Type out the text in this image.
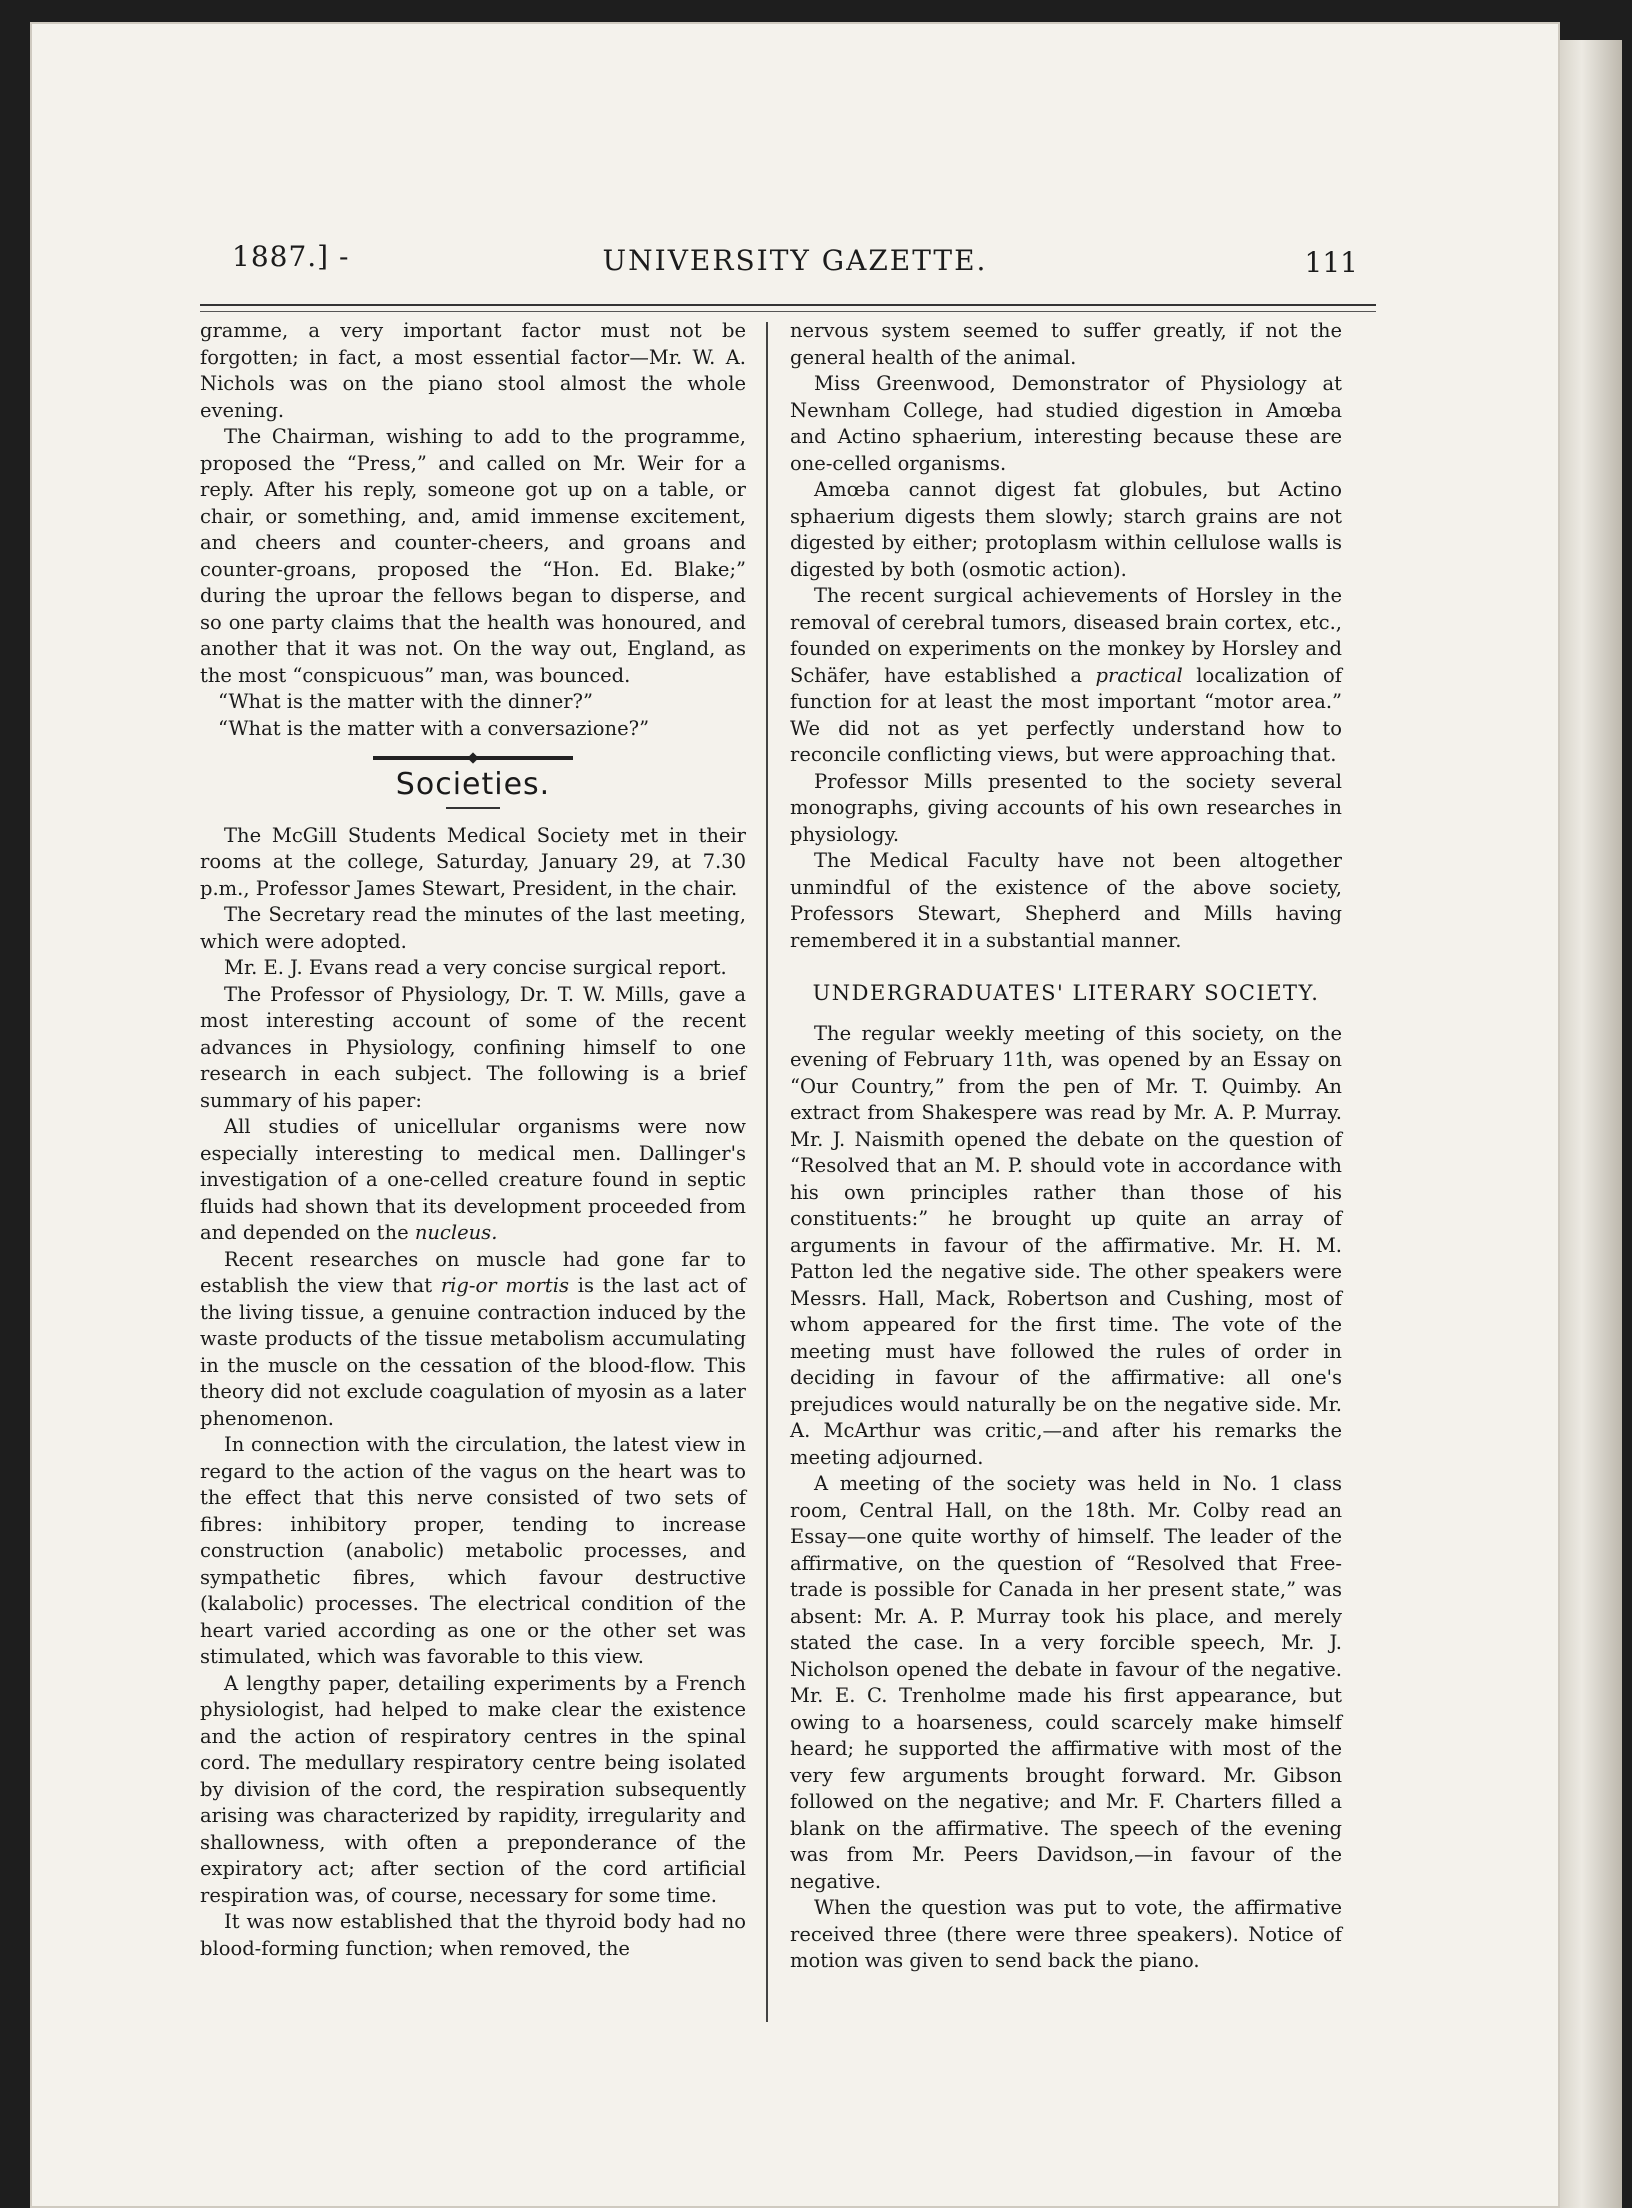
1887.] -	UNIVERSITY GAZETTE.	111

gramme, a very important factor must not be forgotten; in fact, a most essential factor—Mr. W. A. Nichols was on the piano stool almost the whole evening.

The Chairman, wishing to add to the programme, proposed the “Press,” and called on Mr. Weir for a reply. After his reply, someone got up on a table, or chair, or something, and, amid immense excitement, and cheers and counter-cheers, and groans and counter-groans, proposed the “Hon. Ed. Blake;” during the uproar the fellows began to disperse, and so one party claims that the health was honoured, and another that it was not. On the way out, England, as the most “conspicuous” man, was bounced.

“What is the matter with the dinner?”

“What is the matter with a conversazione?”

Societies.

The McGill Students Medical Society met in their rooms at the college, Saturday, January 29, at 7.30 p.m., Professor James Stewart, President, in the chair.

The Secretary read the minutes of the last meeting, which were adopted.

Mr. E. J. Evans read a very concise surgical report.

The Professor of Physiology, Dr. T. W. Mills, gave a most interesting account of some of the recent advances in Physiology, confining himself to one research in each subject. The following is a brief summary of his paper:

All studies of unicellular organisms were now especially interesting to medical men. Dallinger's investigation of a one-celled creature found in septic fluids had shown that its development proceeded from and depended on the nucleus.

Recent researches on muscle had gone far to establish the view that rig-or mortis is the last act of the living tissue, a genuine contraction induced by the waste products of the tissue metabolism accumulating in the muscle on the cessation of the blood-flow. This theory did not exclude coagulation of myosin as a later phenomenon.

In connection with the circulation, the latest view in regard to the action of the vagus on the heart was to the effect that this nerve consisted of two sets of fibres: inhibitory proper, tending to increase construction (anabolic) metabolic processes, and sympathetic fibres, which favour destructive (kalabolic) processes. The electrical condition of the heart varied according as one or the other set was stimulated, which was favorable to this view.

A lengthy paper, detailing experiments by a French physiologist, had helped to make clear the existence and the action of respiratory centres in the spinal cord. The medullary respiratory centre being isolated by division of the cord, the respiration subsequently arising was characterized by rapidity, irregularity and shallowness, with often a preponderance of the expiratory act; after section of the cord artificial respiration was, of course, necessary for some time.

It was now established that the thyroid body had no blood-forming function; when removed, the

nervous system seemed to suffer greatly, if not the general health of the animal.

Miss Greenwood, Demonstrator of Physiology at Newnham College, had studied digestion in Amœba and Actino sphaerium, interesting because these are one-celled organisms.

Amœba cannot digest fat globules, but Actino sphaerium digests them slowly; starch grains are not digested by either; protoplasm within cellulose walls is digested by both (osmotic action).

The recent surgical achievements of Horsley in the removal of cerebral tumors, diseased brain cortex, etc., founded on experiments on the monkey by Horsley and Schäfer, have established a practical localization of function for at least the most important “motor area.” We did not as yet perfectly understand how to reconcile conflicting views, but were approaching that.

Professor Mills presented to the society several monographs, giving accounts of his own researches in physiology.

The Medical Faculty have not been altogether unmindful of the existence of the above society, Professors Stewart, Shepherd and Mills having remembered it in a substantial manner.

UNDERGRADUATES' LITERARY SOCIETY.

The regular weekly meeting of this society, on the evening of February 11th, was opened by an Essay on “Our Country,” from the pen of Mr. T. Quimby. An extract from Shakespere was read by Mr. A. P. Murray. Mr. J. Naismith opened the debate on the question of “Resolved that an M. P. should vote in accordance with his own principles rather than those of his constituents:” he brought up quite an array of arguments in favour of the affirmative. Mr. H. M. Patton led the negative side. The other speakers were Messrs. Hall, Mack, Robertson and Cushing, most of whom appeared for the first time. The vote of the meeting must have followed the rules of order in deciding in favour of the affirmative: all one's prejudices would naturally be on the negative side. Mr. A. McArthur was critic,—and after his remarks the meeting adjourned.

A meeting of the society was held in No. 1 class room, Central Hall, on the 18th. Mr. Colby read an Essay—one quite worthy of himself. The leader of the affirmative, on the question of “Resolved that Free-trade is possible for Canada in her present state,” was absent: Mr. A. P. Murray took his place, and merely stated the case. In a very forcible speech, Mr. J. Nicholson opened the debate in favour of the negative. Mr. E. C. Trenholme made his first appearance, but owing to a hoarseness, could scarcely make himself heard; he supported the affirmative with most of the very few arguments brought forward. Mr. Gibson followed on the negative; and Mr. F. Charters filled a blank on the affirmative. The speech of the evening was from Mr. Peers Davidson,—in favour of the negative.

When the question was put to vote, the affirmative received three (there were three speakers). Notice of motion was given to send back the piano.
